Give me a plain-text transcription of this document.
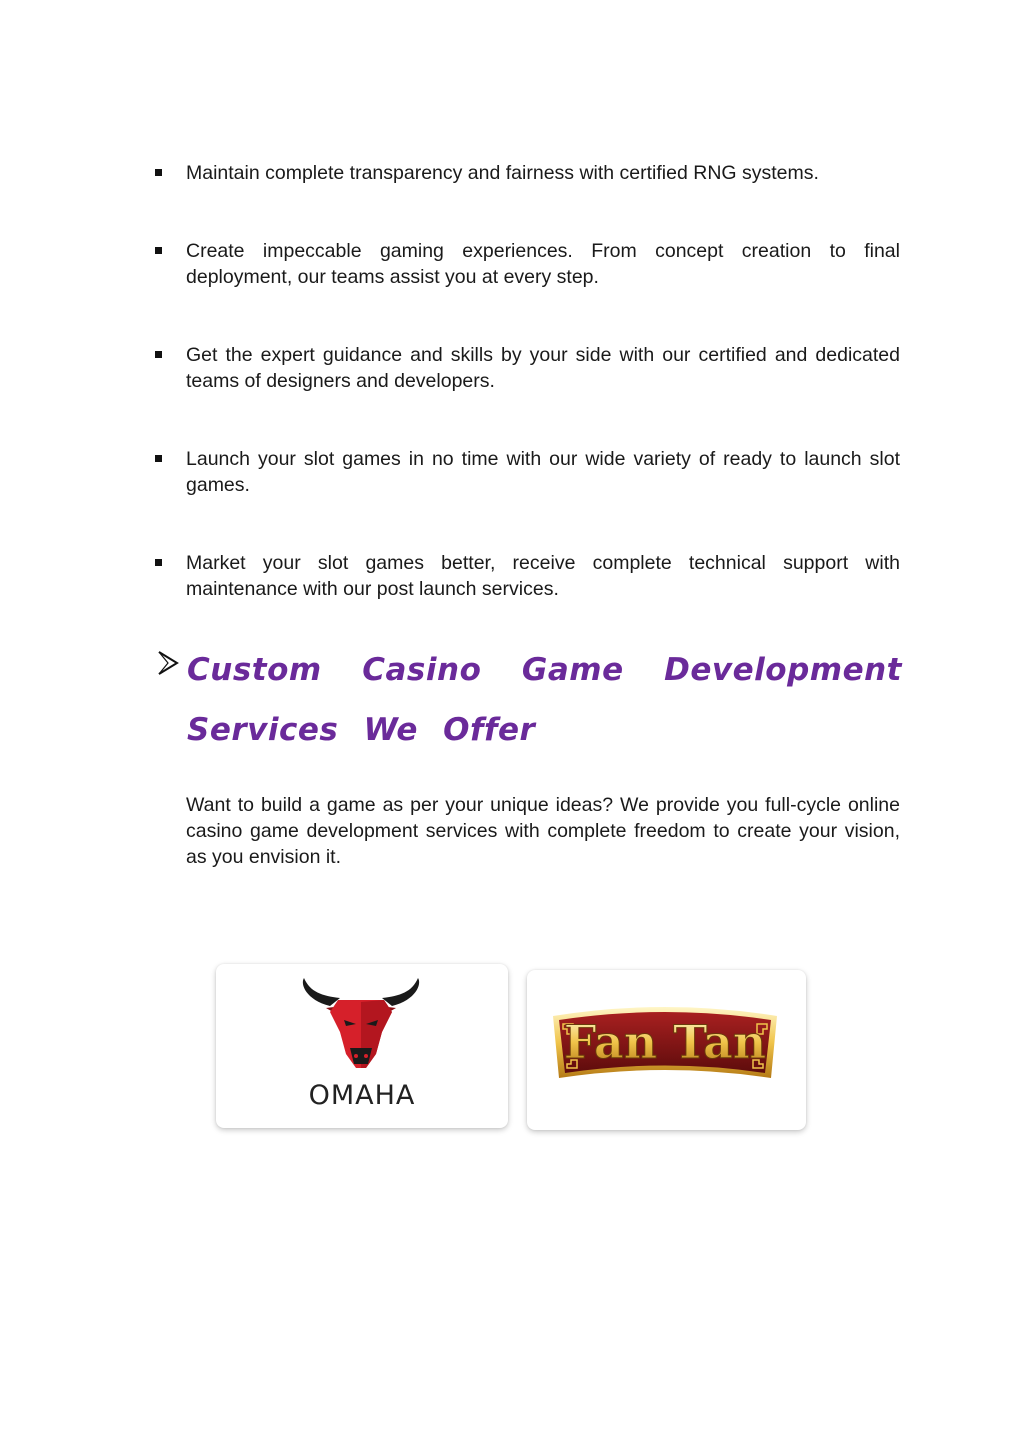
Maintain complete transparency and fairness with certified RNG systems.
Create impeccable gaming experiences. From concept creation to final deployment, our teams assist you at every step.
Get the expert guidance and skills by your side with our certified and dedicated teams of designers and developers.
Launch your slot games in no time with our wide variety of ready to launch slot games.
Market your slot games better, receive complete technical support with maintenance with our post launch services.
Custom Casino Game Development Services We Offer

Want to build a game as per your unique ideas? We provide you full-cycle online casino game development services with complete freedom to create your vision, as you envision it.

OMAHA
Fan Tan
